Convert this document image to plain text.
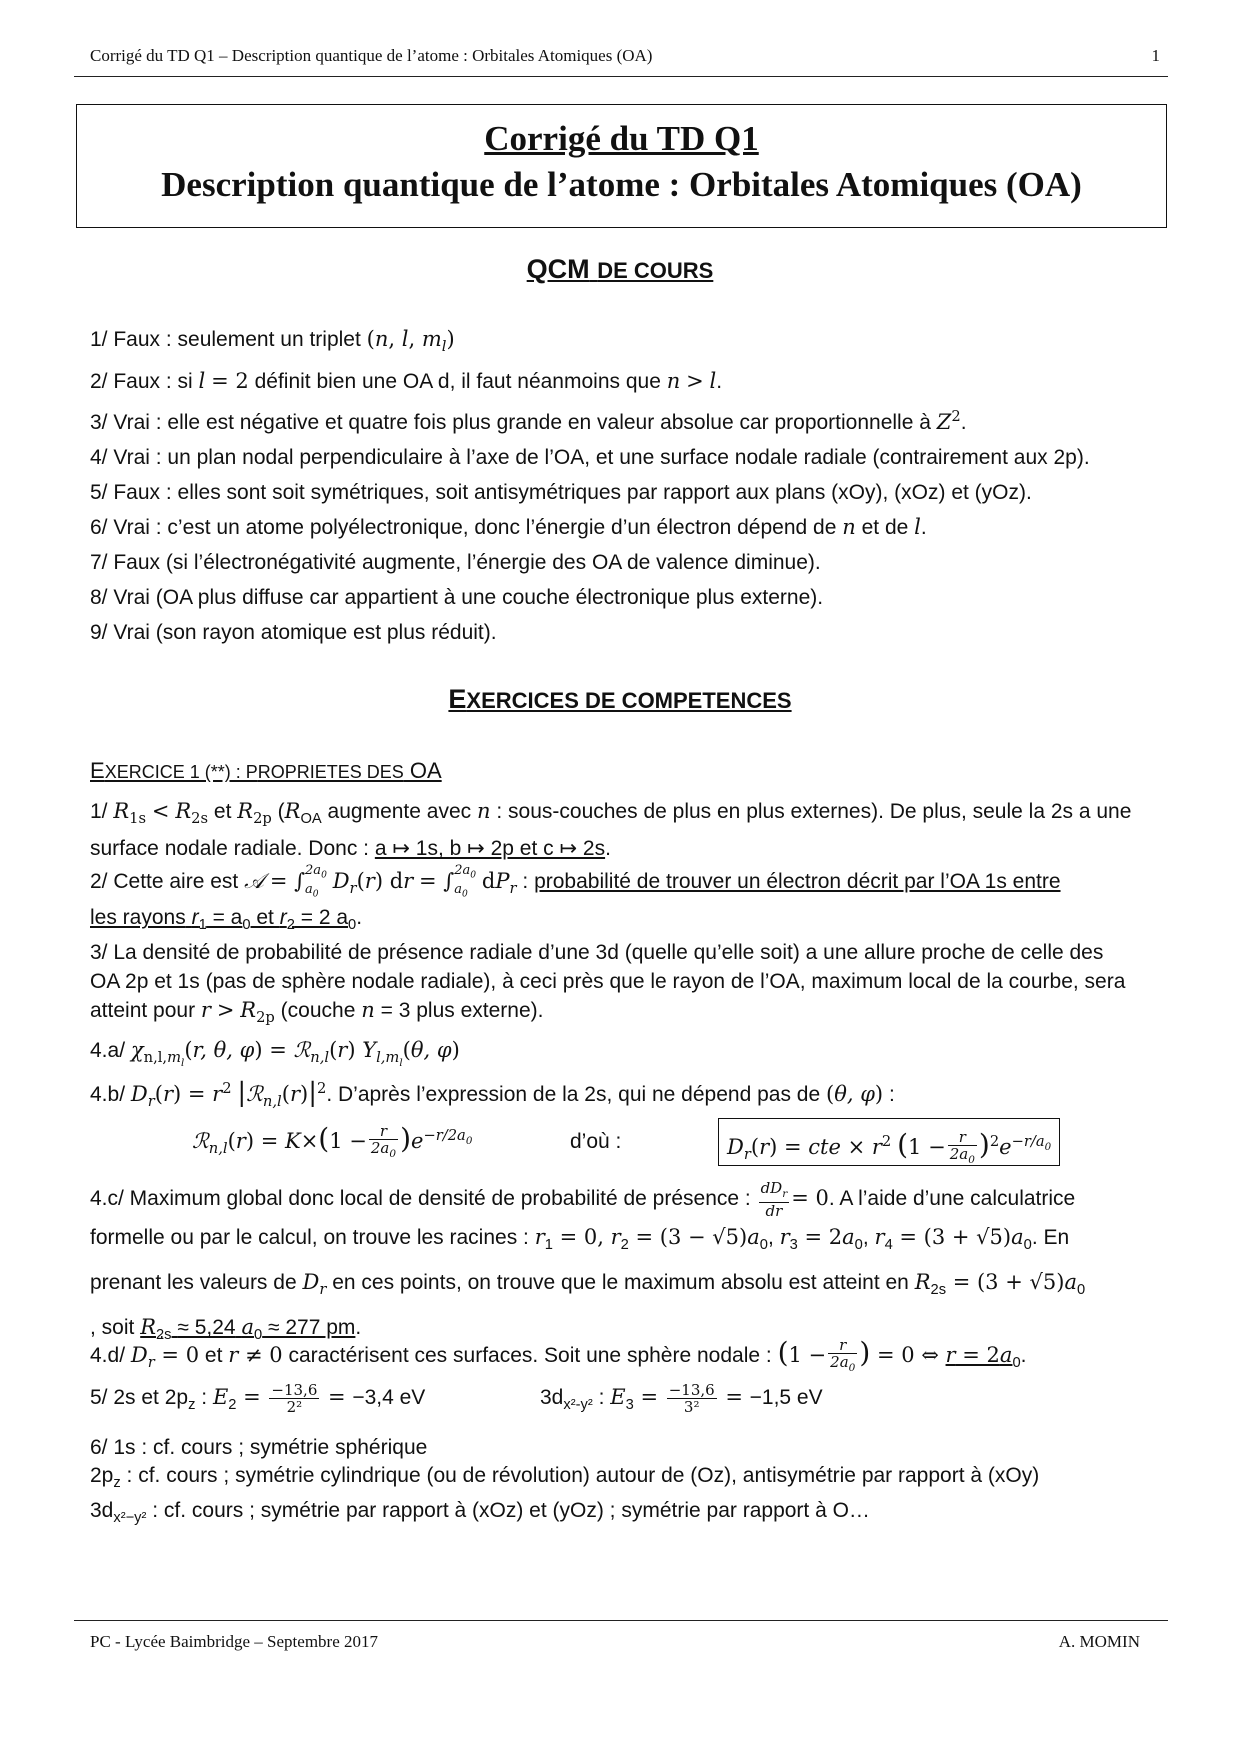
Corrigé du TD Q1 – Description quantique de l’atome : Orbitales Atomiques (OA)	1
Corrigé du TD Q1
Description quantique de l’atome : Orbitales Atomiques (OA)
QCM DE COURS
1/ Faux : seulement un triplet (n, l, $m_l$)
2/ Faux : si l = 2 définit bien une OA d, il faut néanmoins que n > l.
3/ Vrai : elle est négative et quatre fois plus grande en valeur absolue car proportionnelle à $Z^2$.
4/ Vrai : un plan nodal perpendiculaire à l’axe de l’OA, et une surface nodale radiale (contrairement aux 2p).
5/ Faux : elles sont soit symétriques, soit antisymétriques par rapport aux plans (xOy), (xOz) et (yOz).
6/ Vrai : c’est un atome polyélectronique, donc l’énergie d’un électron dépend de n et de l.
7/ Faux (si l’électronégativité augmente, l’énergie des OA de valence diminue).
8/ Vrai (OA plus diffuse car appartient à une couche électronique plus externe).
9/ Vrai (son rayon atomique est plus réduit).
EXERCICES DE COMPETENCES
EXERCICE 1 (**) : PROPRIETES DES OA
1/ $R_{1s} < R_{2s}$ et $R_{2p}$ ($R_{OA}$ augmente avec n : sous-couches de plus en plus externes). De plus, seule la 2s a une
surface nodale radiale. Donc : a ↦ 1s, b ↦ 2p et c ↦ 2s.
2/ Cette aire est 𝒜 = $\int 2a_0$
$a_0$ $D_r(r)$ dr = $\int 2a_0$
$a_0$ $dP_r$ : probabilité de trouver un électron décrit par l’OA 1s entre
les rayons $r_1 = a_0$ et $r_2 = 2$ $a_0$.
3/ La densité de probabilité de présence radiale d’une 3d (quelle qu’elle soit) a une allure proche de celle des
OA 2p et 1s (pas de sphère nodale radiale), à ceci près que le rayon de l’OA, maximum local de la courbe, sera
atteint pour $r > R_{2p}$ (couche n = 3 plus externe).
4.a/ $\chi_{n,l,m_l}(r$, θ, φ) = ℛ$_{n,l}$(r) $Y_{l,m_l}(\theta$, φ)
4.b/ $D_r(r) = r^2$ $|ℛ_{n,l}(r)|^2$. D’après l’expression de la 2s, qui ne dépend pas de (θ, φ) :
ℛ$_{n,l}$(r) = $K\times(1 - \frac{r}{2a_0} )e^{-r/2a_0}$	d’où :	$D_r(r)$ = cte × $r^2$ $(1 - \frac{r}{2a_0} )^2e^{-r/a_0}$
4.c/ Maximum global donc local de densité de probabilité de présence : $\frac{dD_r}{dr} = 0$. A l’aide d’une calculatrice
formelle ou par le calcul, on trouve les racines : $r_1 = 0$, $r_2 = (3 - √5)a_0$, $r_3 = 2a_0$, $r_4 = (3 + √5)a_0$. En
prenant les valeurs de $D_r$ en ces points, on trouve que le maximum absolu est atteint en $R_{2s} = (3 + √5)a_0$
, soit $R_{2s} \approx 5,24$ $a_0 \approx 277$ pm.
4.d/ $D_r = 0$ et r ≠ 0 caractérisent ces surfaces. Soit une sphère nodale : ($1 - \frac{r}{2a_0}$ ) = 0 ⇔ $r = 2a_0$.
5/ 2s et $2p_z$ : $E_2 = \frac{-13,6}{\text{2²}} = -3,4$ eV	$3d_{x^2-y^2}$ : $E_3 = \frac{-13,6}{\text{3²}} = -1,5$ eV
6/ 1s : cf. cours ; symétrie sphérique
$2p_z$ : cf. cours ; symétrie cylindrique (ou de révolution) autour de (Oz), antisymétrie par rapport à (xOy)
$3d_{x^2-y^2}$ : cf. cours ; symétrie par rapport à (xOz) et (yOz) ; symétrie par rapport à O…
PC - Lycée Baimbridge – Septembre 2017	A. MOMIN
